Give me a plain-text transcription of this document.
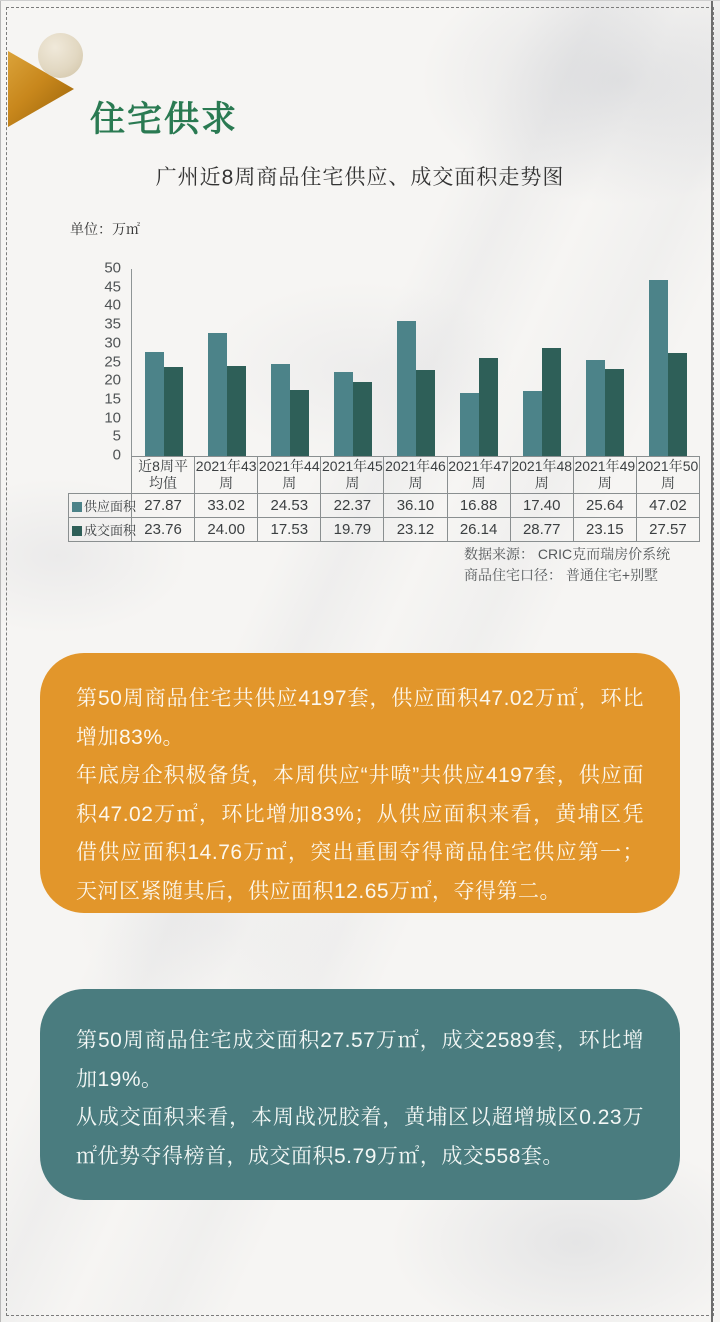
住宅供求
广州近8周商品住宅供应、成交面积走势图
单位：万㎡
50
45
40
35
30
25
20
15
10
5
0
	近8周平均值	2021年43周	2021年44周	2021年45周	2021年46周	2021年47周	2021年48周	2021年49周	2021年50周
供应面积	27.87	33.02	24.53	22.37	36.10	16.88	17.40	25.64	47.02
成交面积	23.76	24.00	17.53	19.79	23.12	26.14	28.77	23.15	27.57
数据来源： CRIC克而瑞房价系统
商品住宅口径： 普通住宅+别墅

第50周商品住宅共供应4197套，供应面积47.02万㎡，环比增加83%。

年底房企积极备货，本周供应“井喷”共供应4197套，供应面积47.02万㎡，环比增加83%；从供应面积来看，黄埔区凭借供应面积14.76万㎡，突出重围夺得商品住宅供应第一；天河区紧随其后，供应面积12.65万㎡，夺得第二。

第50周商品住宅成交面积27.57万㎡，成交2589套，环比增加19%。

从成交面积来看，本周战况胶着，黄埔区以超增城区0.23万㎡优势夺得榜首，成交面积5.79万㎡，成交558套。
